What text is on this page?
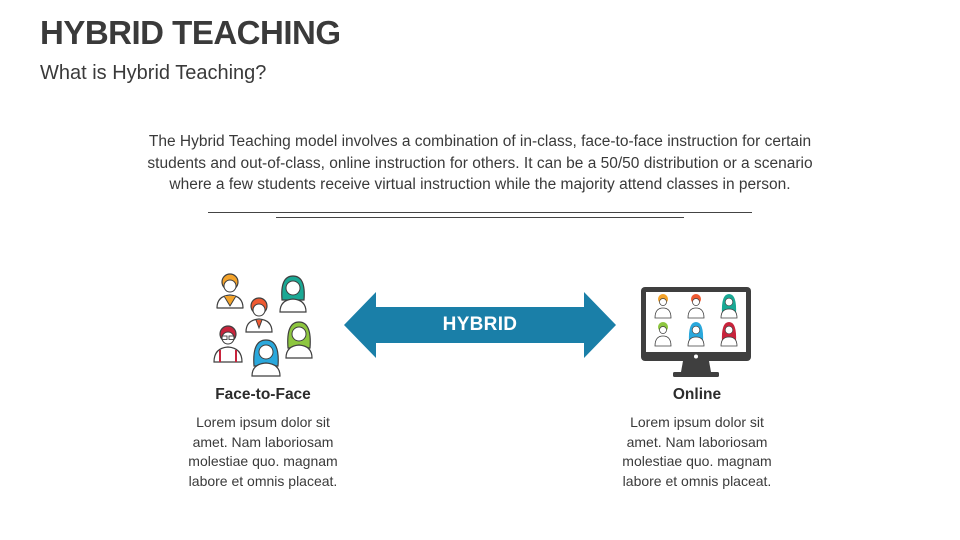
HYBRID TEACHING
What is Hybrid Teaching?
The Hybrid Teaching model involves a combination of in-class, face-to-face instruction for certain
students and out-of-class, online instruction for others. It can be a 50/50 distribution or a scenario
where a few students receive virtual instruction while the majority attend classes in person.
HYBRID
Face-to-Face
Lorem ipsum dolor sit
amet. Nam laboriosam
molestiae quo. magnam
labore et omnis placeat.
Online
Lorem ipsum dolor sit
amet. Nam laboriosam
molestiae quo. magnam
labore et omnis placeat.
